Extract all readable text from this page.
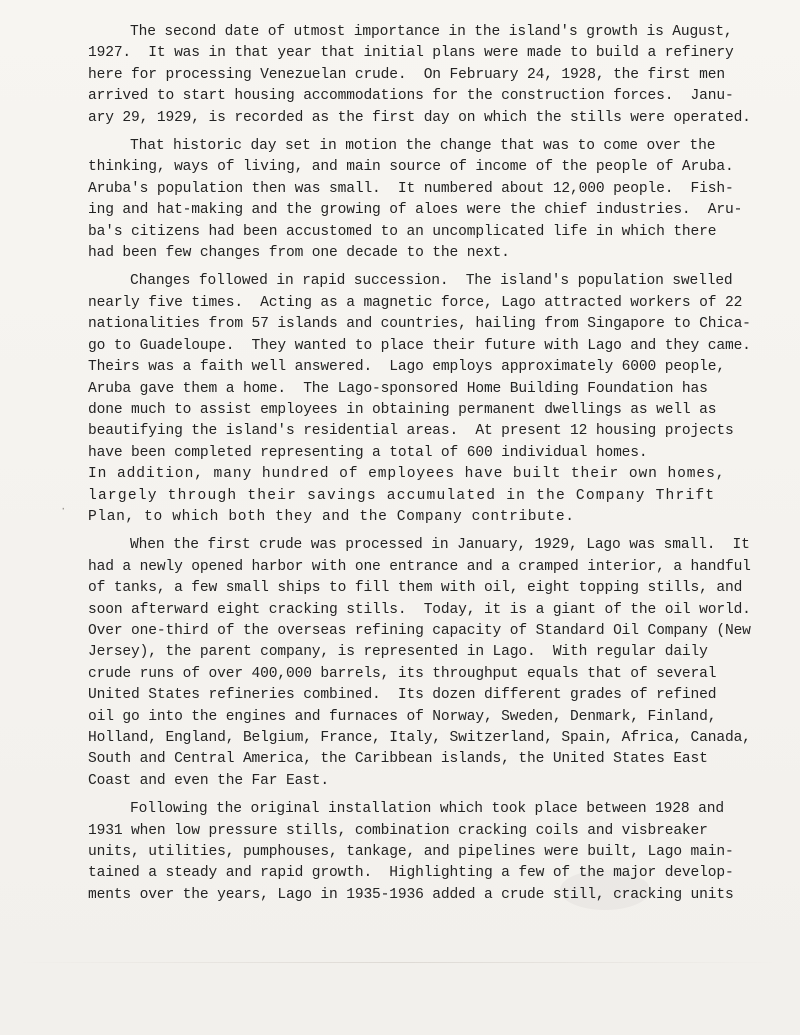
·
The second date of utmost importance in the island's growth is August,
1927.  It was in that year that initial plans were made to build a refinery
here for processing Venezuelan crude.  On February 24, 1928, the first men
arrived to start housing accommodations for the construction forces.  Janu-
ary 29, 1929, is recorded as the first day on which the stills were operated.
That historic day set in motion the change that was to come over the
thinking, ways of living, and main source of income of the people of Aruba.
Aruba's population then was small.  It numbered about 12,000 people.  Fish-
ing and hat-making and the growing of aloes were the chief industries.  Aru-
ba's citizens had been accustomed to an uncomplicated life in which there
had been few changes from one decade to the next.
Changes followed in rapid succession.  The island's population swelled
nearly five times.  Acting as a magnetic force, Lago attracted workers of 22
nationalities from 57 islands and countries, hailing from Singapore to Chica-
go to Guadeloupe.  They wanted to place their future with Lago and they came.
Theirs was a faith well answered.  Lago employs approximately 6000 people,
Aruba gave them a home.  The Lago-sponsored Home Building Foundation has
done much to assist employees in obtaining permanent dwellings as well as
beautifying the island's residential areas.  At present 12 housing projects
have been completed representing a total of 600 individual homes.
In addition, many hundred of employees have built their own homes,
largely through their savings accumulated in the Company Thrift
Plan, to which both they and the Company contribute.
When the first crude was processed in January, 1929, Lago was small.  It
had a newly opened harbor with one entrance and a cramped interior, a handful
of tanks, a few small ships to fill them with oil, eight topping stills, and
soon afterward eight cracking stills.  Today, it is a giant of the oil world.
Over one-third of the overseas refining capacity of Standard Oil Company (New
Jersey), the parent company, is represented in Lago.  With regular daily
crude runs of over 400,000 barrels, its throughput equals that of several
United States refineries combined.  Its dozen different grades of refined
oil go into the engines and furnaces of Norway, Sweden, Denmark, Finland,
Holland, England, Belgium, France, Italy, Switzerland, Spain, Africa, Canada,
South and Central America, the Caribbean islands, the United States East
Coast and even the Far East.
Following the original installation which took place between 1928 and
1931 when low pressure stills, combination cracking coils and visbreaker
units, utilities, pumphouses, tankage, and pipelines were built, Lago main-
tained a steady and rapid growth.  Highlighting a few of the major develop-
ments over the years, Lago in 1935-1936 added a crude still, cracking units
